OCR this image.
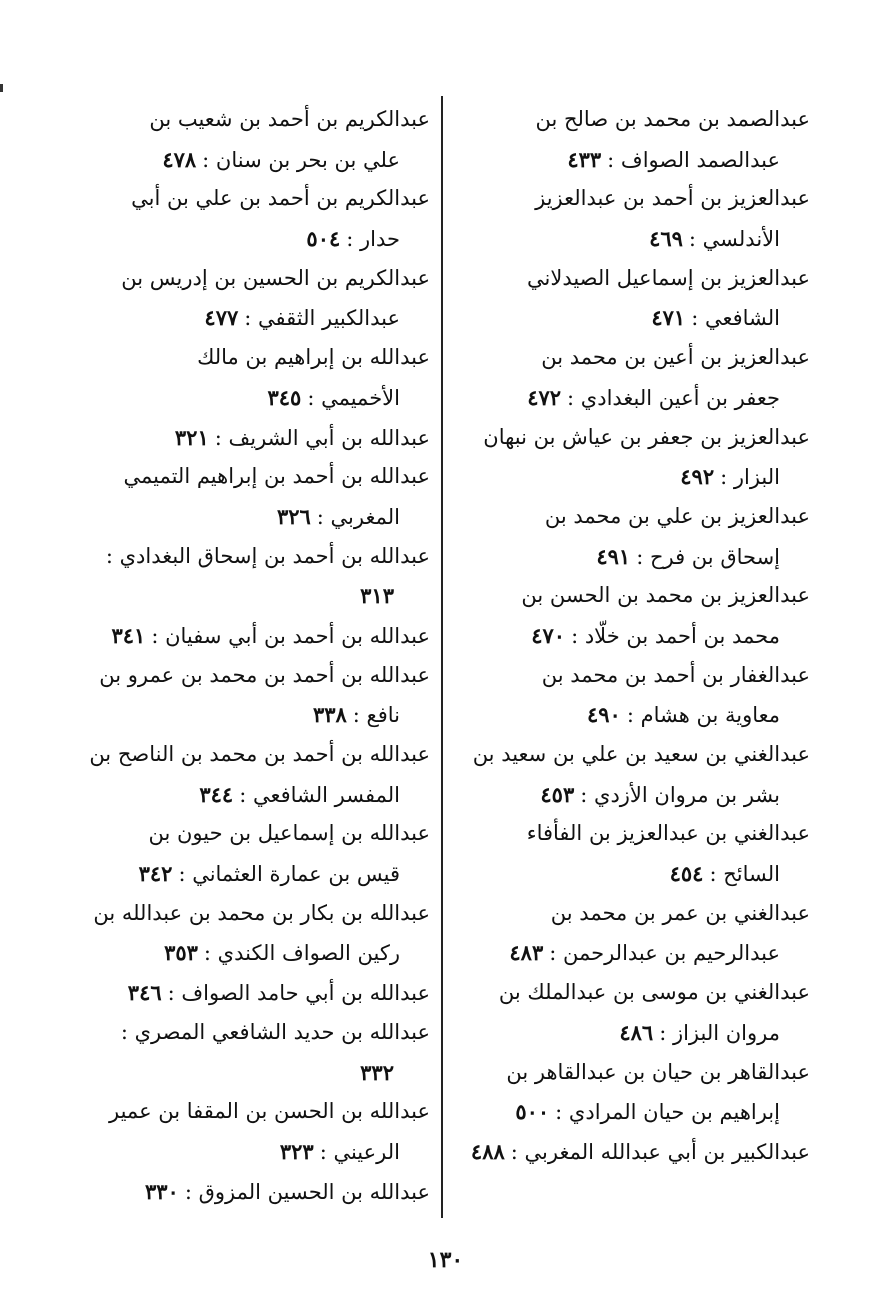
عبدالصمد بن محمد بن صالح بن
عبدالصمد الصواف :٤٣٣
عبدالعزيز بن أحمد بن عبدالعزيز
الأندلسي :٤٦٩
عبدالعزيز بن إسماعيل الصيدلاني
الشافعي :٤٧١
عبدالعزيز بن أعين بن محمد بن
جعفر بن أعين البغدادي :٤٧٢
عبدالعزيز بن جعفر بن عياش بن نبهان
البزار :٤٩٢
عبدالعزيز بن علي بن محمد بن
إسحاق بن فرح :٤٩١
عبدالعزيز بن محمد بن الحسن بن
محمد بن أحمد بن خلّاد :٤٧٠
عبدالغفار بن أحمد بن محمد بن
معاوية بن هشام :٤٩٠
عبدالغني بن سعيد بن علي بن سعيد بن
بشر بن مروان الأزدي :٤٥٣
عبدالغني بن عبدالعزيز بن الفأفاء
السائح :٤٥٤
عبدالغني بن عمر بن محمد بن
عبدالرحيم بن عبدالرحمن :٤٨٣
عبدالغني بن موسى بن عبدالملك بن
مروان البزاز :٤٨٦
عبدالقاهر بن حيان بن عبدالقاهر بن
إبراهيم بن حيان المرادي :٥٠٠
عبدالكبير بن أبي عبدالله المغربي :٤٨٨
عبدالكريم بن أحمد بن شعيب بن
علي بن بحر بن سنان :٤٧٨
عبدالكريم بن أحمد بن علي بن أبي
حدار :٥٠٤
عبدالكريم بن الحسين بن إدريس بن
عبدالكبير الثقفي :٤٧٧
عبدالله بن إبراهيم بن مالك
الأخميمي :٣٤٥
عبدالله بن أبي الشريف :٣٢١
عبدالله بن أحمد بن إبراهيم التميمي
المغربي :٣٢٦
عبدالله بن أحمد بن إسحاق البغدادي :
٣١٣
عبدالله بن أحمد بن أبي سفيان :٣٤١
عبدالله بن أحمد بن محمد بن عمرو بن
نافع :٣٣٨
عبدالله بن أحمد بن محمد بن الناصح بن
المفسر الشافعي :٣٤٤
عبدالله بن إسماعيل بن حيون بن
قيس بن عمارة العثماني :٣٤٢
عبدالله بن بكار بن محمد بن عبدالله بن
ركين الصواف الكندي :٣٥٣
عبدالله بن أبي حامد الصواف :٣٤٦
عبدالله بن حديد الشافعي المصري :
٣٣٢
عبدالله بن الحسن بن المقفا بن عمير
الرعيني :٣٢٣
عبدالله بن الحسين المزوق :٣٣٠
١٣٠
